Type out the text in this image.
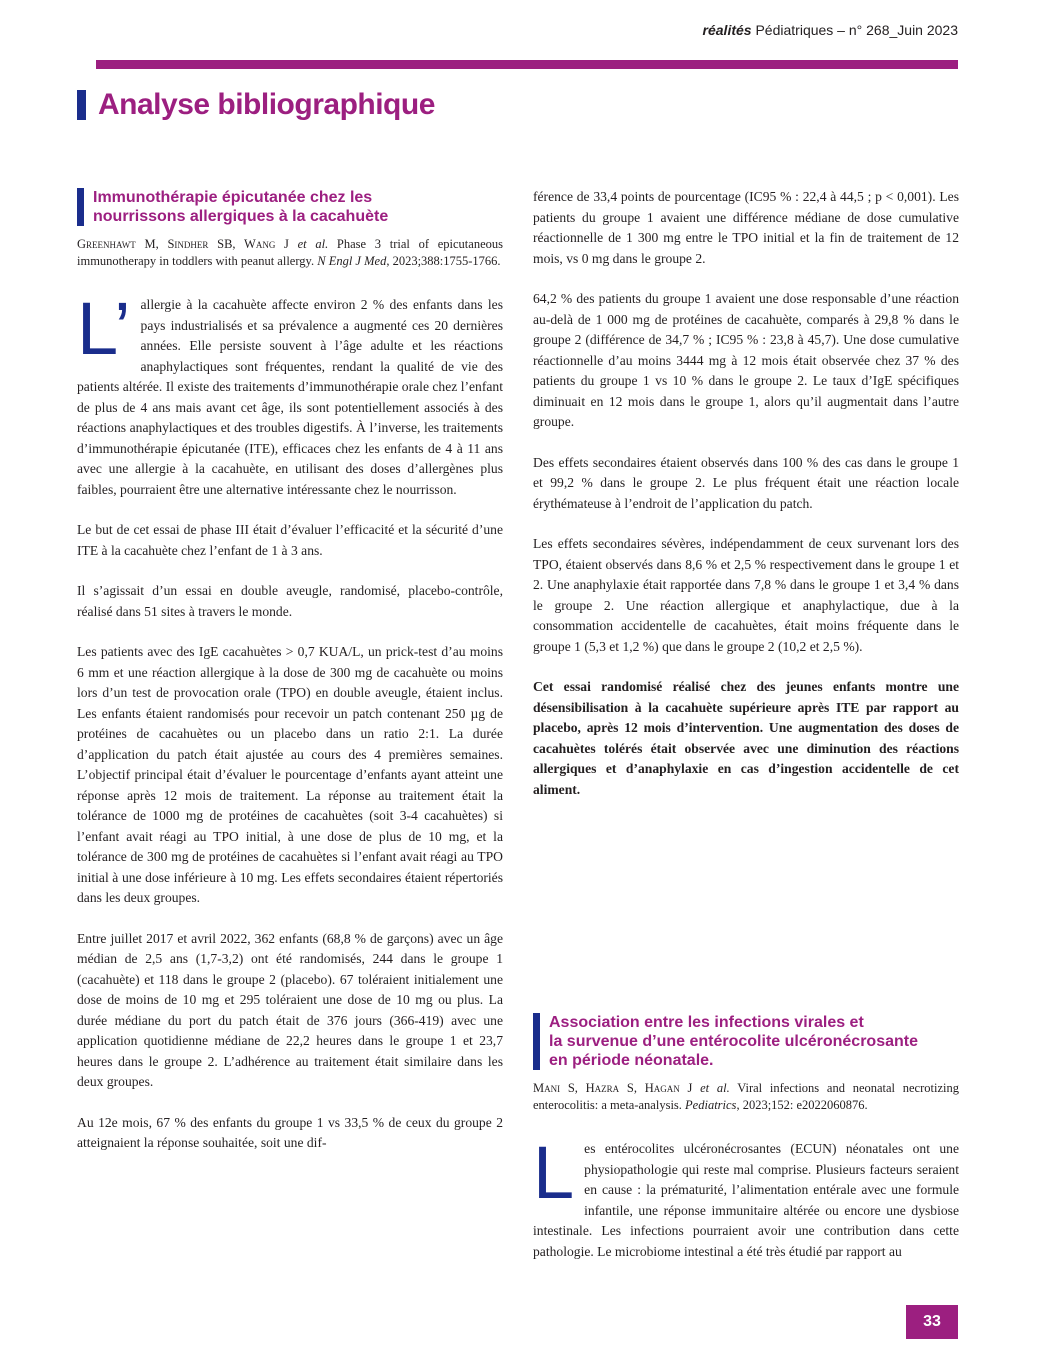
réalités Pédiatriques – n° 268_Juin 2023
Analyse bibliographique
Immunothérapie épicutanée chez les
nourrissons allergiques à la cacahuète
Greenhawt M, Sindher SB, Wang J et al. Phase 3 trial of epicutaneous immunotherapy in toddlers with peanut allergy. N Engl J Med, 2023;388:1755-1766.

L’ allergie à la cacahuète affecte environ 2 % des enfants dans les pays industrialisés et sa prévalence a augmenté ces 20 dernières années. Elle persiste souvent à l’âge adulte et les réactions anaphylactiques sont fréquentes, rendant la qualité de vie des patients altérée. Il existe des traitements d’immunothérapie orale chez l’enfant de plus de 4 ans mais avant cet âge, ils sont potentiellement associés à des réactions anaphylactiques et des troubles digestifs. À l’inverse, les traitements d’immunothérapie épicutanée (ITE), efficaces chez les enfants de 4 à 11 ans avec une allergie à la cacahuète, en utilisant des doses d’allergènes plus faibles, pourraient être une alternative intéressante chez le nourrisson.

Le but de cet essai de phase III était d’évaluer l’efficacité et la sécurité d’une ITE à la cacahuète chez l’enfant de 1 à 3 ans.

Il s’agissait d’un essai en double aveugle, randomisé, placebo-contrôle, réalisé dans 51 sites à travers le monde.

Les patients avec des IgE cacahuètes > 0,7 KUA/L, un prick-test d’au moins 6 mm et une réaction allergique à la dose de 300 mg de cacahuète ou moins lors d’un test de provocation orale (TPO) en double aveugle, étaient inclus. Les enfants étaient randomisés pour recevoir un patch contenant 250 µg de protéines de cacahuètes ou un placebo dans un ratio 2:1. La durée d’application du patch était ajustée au cours des 4 premières semaines. L’objectif principal était d’évaluer le pourcentage d’enfants ayant atteint une réponse après 12 mois de traitement. La réponse au traitement était la tolérance de 1000 mg de protéines de cacahuètes (soit 3-4 cacahuètes) si l’enfant avait réagi au TPO initial, à une dose de plus de 10 mg, et la tolérance de 300 mg de protéines de cacahuètes si l’enfant avait réagi au TPO initial à une dose inférieure à 10 mg. Les effets secondaires étaient répertoriés dans les deux groupes.

Entre juillet 2017 et avril 2022, 362 enfants (68,8 % de garçons) avec un âge médian de 2,5 ans (1,7-3,2) ont été randomisés, 244 dans le groupe 1 (cacahuète) et 118 dans le groupe 2 (placebo). 67 toléraient initialement une dose de moins de 10 mg et 295 toléraient une dose de 10 mg ou plus. La durée médiane du port du patch était de 376 jours (366-419) avec une application quotidienne médiane de 22,2 heures dans le groupe 1 et 23,7 heures dans le groupe 2. L’adhérence au traitement était similaire dans les deux groupes.

Au 12e mois, 67 % des enfants du groupe 1 vs 33,5 % de ceux du groupe 2 atteignaient la réponse souhaitée, soit une dif-

férence de 33,4 points de pourcentage (IC95 % : 22,4 à 44,5 ; p < 0,001). Les patients du groupe 1 avaient une différence médiane de dose cumulative réactionnelle de 1 300 mg entre le TPO initial et la fin de traitement de 12 mois, vs 0 mg dans le groupe 2.

64,2 % des patients du groupe 1 avaient une dose responsable d’une réaction au-delà de 1 000 mg de protéines de cacahuète, comparés à 29,8 % dans le groupe 2 (différence de 34,7 % ; IC95 % : 23,8 à 45,7). Une dose cumulative réactionnelle d’au moins 3444 mg à 12 mois était observée chez 37 % des patients du groupe 1 vs 10 % dans le groupe 2. Le taux d’IgE spécifiques diminuait en 12 mois dans le groupe 1, alors qu’il augmentait dans l’autre groupe.

Des effets secondaires étaient observés dans 100 % des cas dans le groupe 1 et 99,2 % dans le groupe 2. Le plus fréquent était une réaction locale érythémateuse à l’endroit de l’application du patch.

Les effets secondaires sévères, indépendamment de ceux survenant lors des TPO, étaient observés dans 8,6 % et 2,5 % respectivement dans le groupe 1 et 2. Une anaphylaxie était rapportée dans 7,8 % dans le groupe 1 et 3,4 % dans le groupe 2. Une réaction allergique et anaphylactique, due à la consommation accidentelle de cacahuètes, était moins fréquente dans le groupe 1 (5,3 et 1,2 %) que dans le groupe 2 (10,2 et 2,5 %).

Cet essai randomisé réalisé chez des jeunes enfants montre une désensibilisation à la cacahuète supérieure après ITE par rapport au placebo, après 12 mois d’intervention. Une augmentation des doses de cacahuètes tolérés était observée avec une diminution des réactions allergiques et d’anaphylaxie en cas d’ingestion accidentelle de cet aliment.

Association entre les infections virales et
la survenue d’une entérocolite ulcéronécrosante
en période néonatale.
Mani S, Hazra S, Hagan J et al. Viral infections and neonatal necrotizing enterocolitis: a meta-analysis. Pediatrics, 2023;152: e2022060876.

Les entérocolites ulcéronécrosantes (ECUN) néonatales ont une physiopathologie qui reste mal comprise. Plusieurs facteurs seraient en cause : la prématurité, l’alimentation entérale avec une formule infantile, une réponse immunitaire altérée ou encore une dysbiose intestinale. Les infections pourraient avoir une contribution dans cette pathologie. Le microbiome intestinal a été très étudié par rapport au

33
